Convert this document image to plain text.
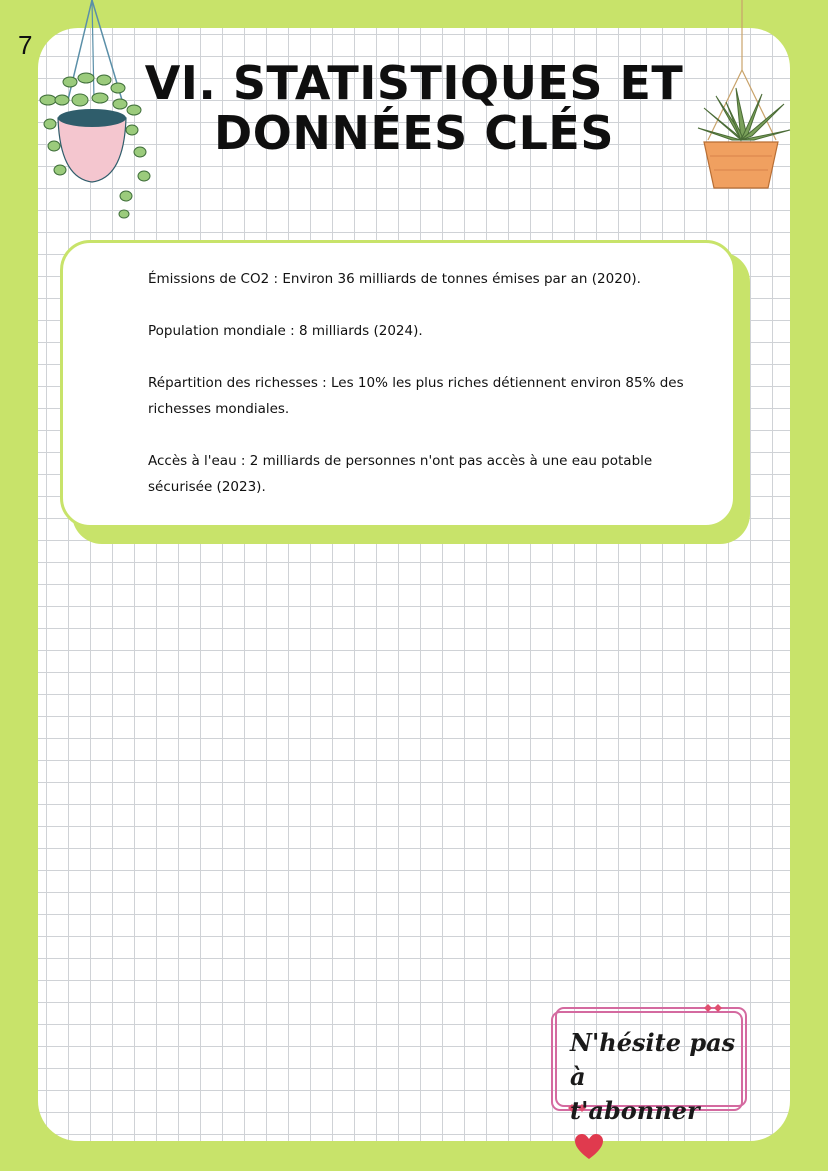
7
VI. STATISTIQUES ET
DONNÉES CLÉS

Émissions de CO2 : Environ 36 milliards de tonnes émises par an (2020).

Population mondiale : 8 milliards (2024).

Répartition des richesses : Les 10% les plus riches détiennent environ 85% des richesses mondiales.

Accès à l'eau : 2 milliards de personnes n'ont pas accès à une eau potable sécurisée (2023).

N'hésite pas à
t'abonner
